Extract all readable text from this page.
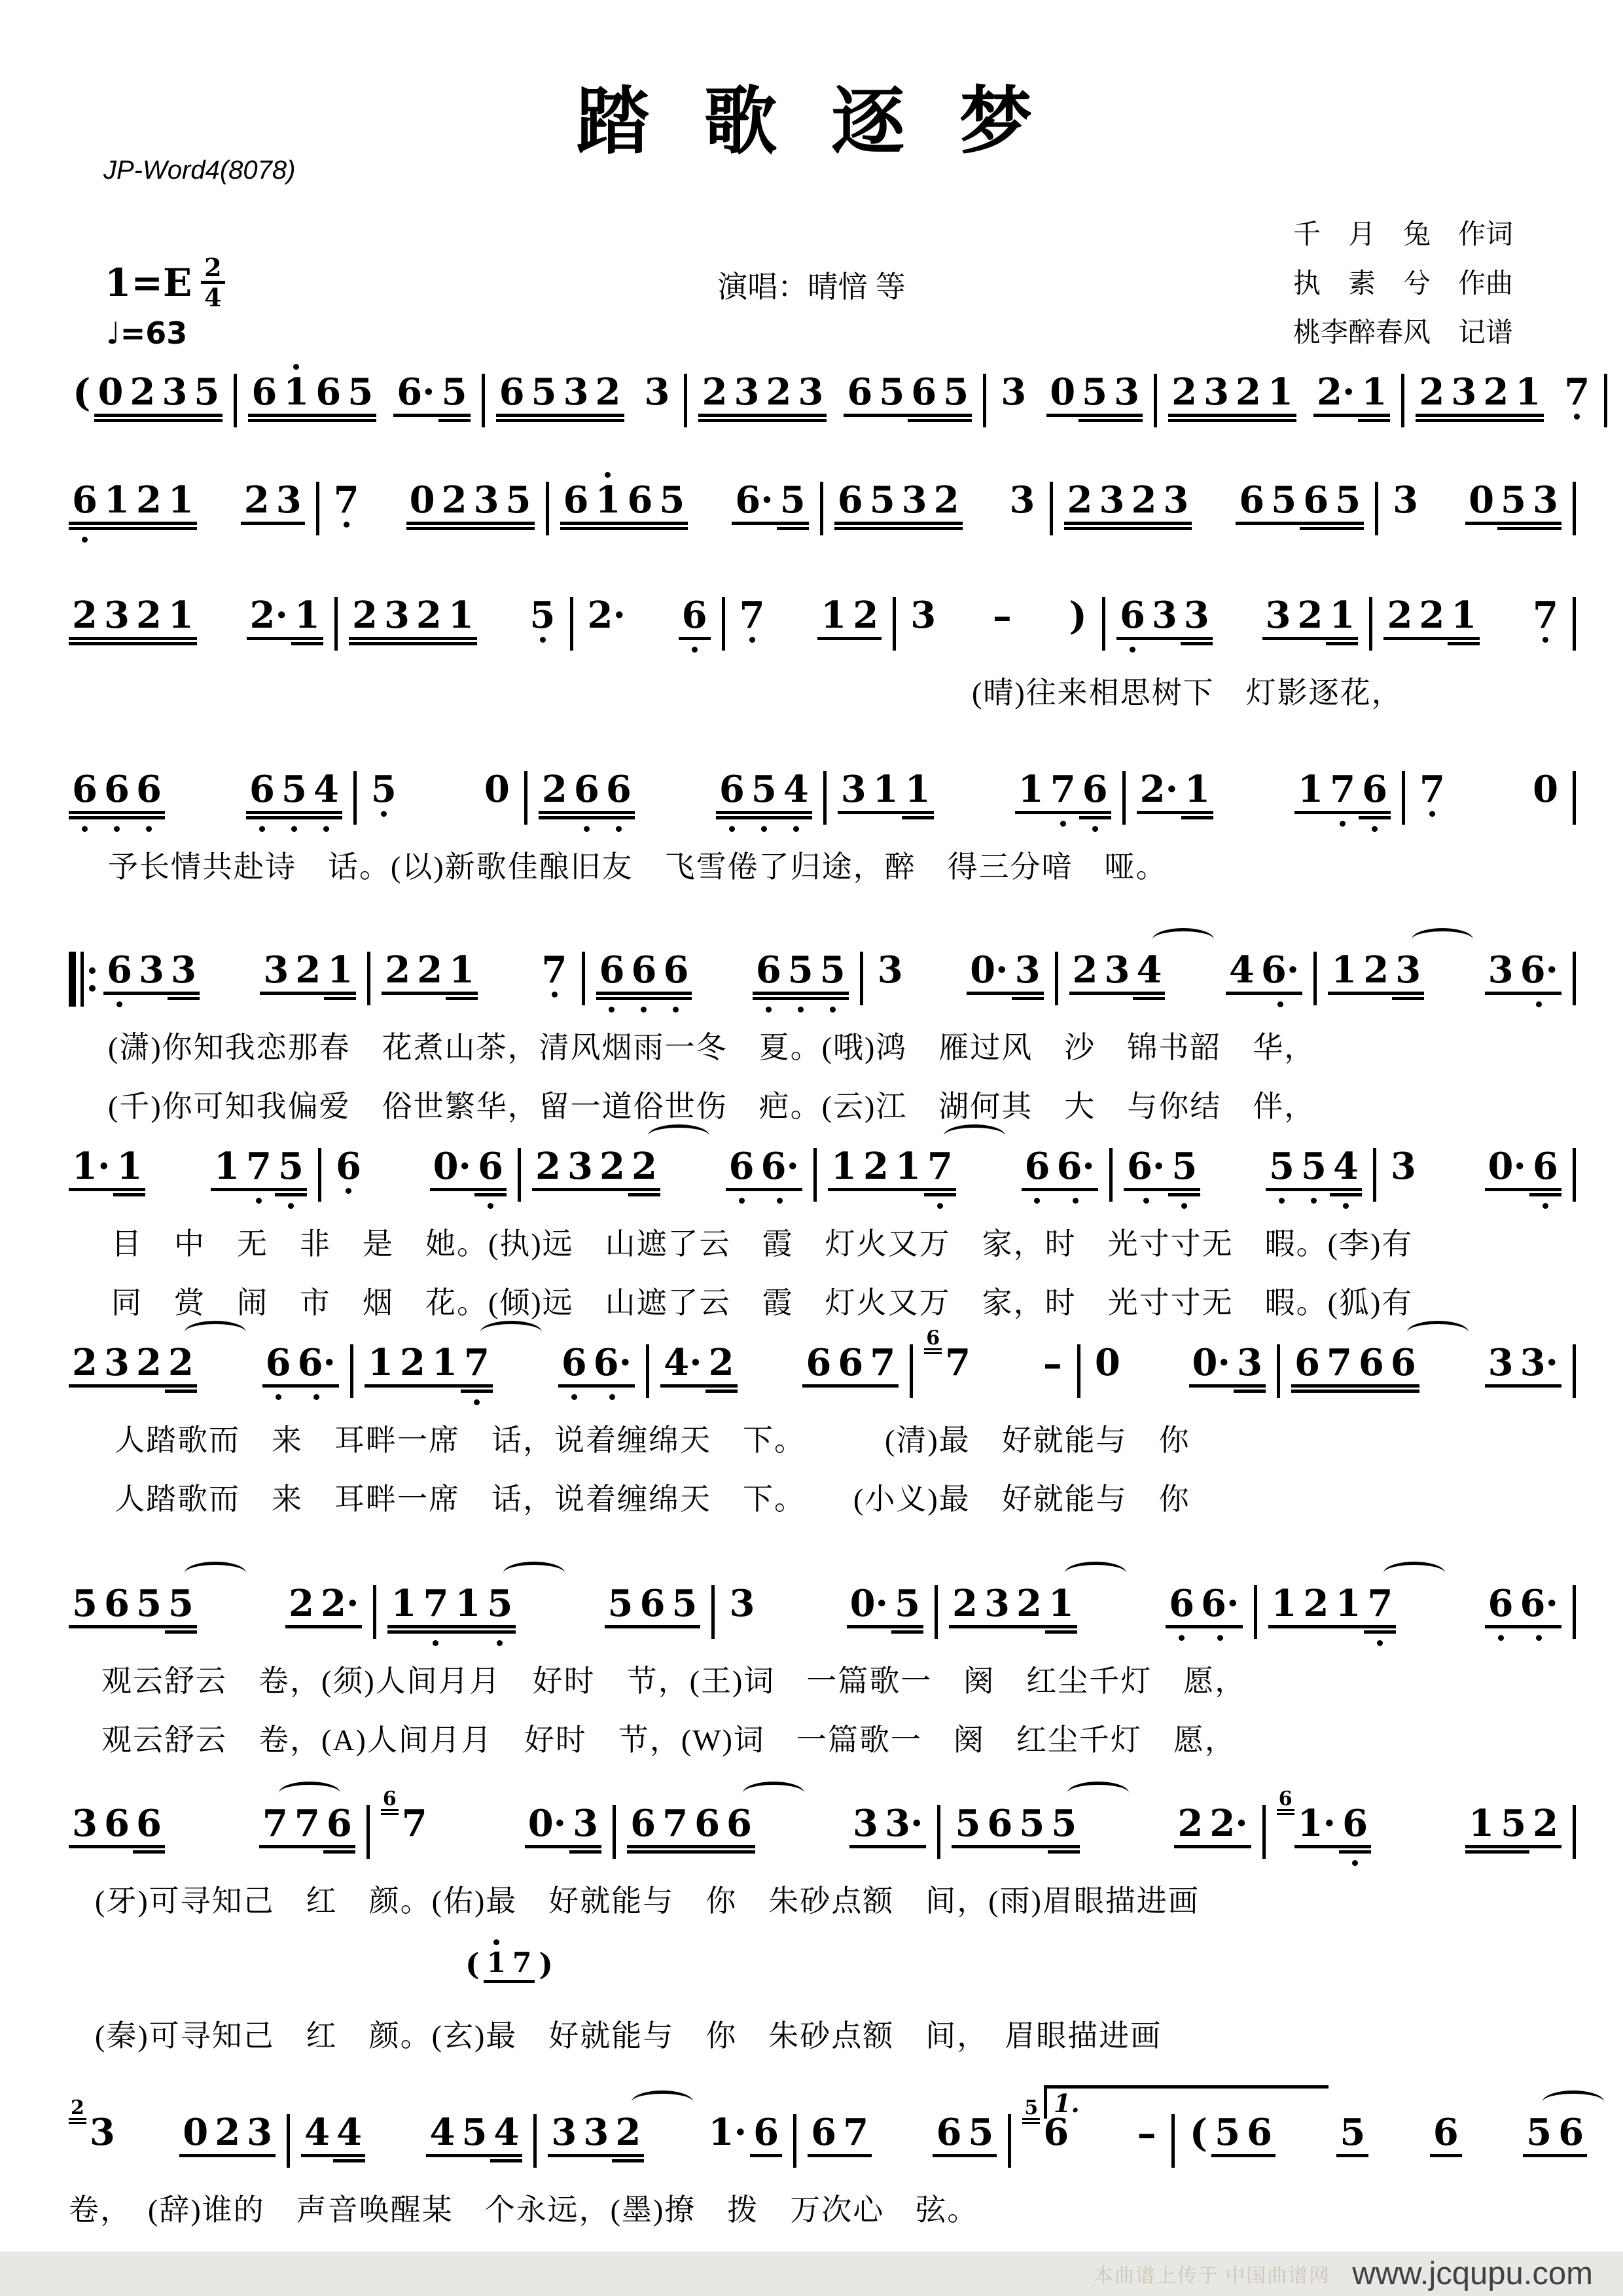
JP-Word4(8078)
踏 歌 逐 梦
$1=E \frac{2}{4}$
♩=63
演唱：晴愔 等
千　月　兔　作词
执　素　兮　作曲
桃李醉春风　记谱
( 0 2 3 5 6 1 6 5 6· 5 6 5 3 2 3 2 3 2 3 6 5 6 5 3 0 5 3 2 3 2 1 2· 1 2 3 2 1 7
6 1 2 1 2 3 7 0 2 3 5 6 1 6 5 6· 5 6 5 3 2 3 2 3 2 3 6 5 6 5 3 0 5 3
2 3 2 1 2· 1 2 3 2 1 5 2· 6 7 1 2 3 – ) 6 3 3 3 2 1 2 2 1 7
(晴)往来相思树下　灯影逐花，
6 6 6 6 5 4 5 0 2 6 6 6 5 4 3 1 1 1 7 6 2· 1 1 7 6 7 0
予长情共赴诗　话。(以)新歌佳酿旧友　飞雪倦了归途，醉　得三分喑　哑。
6 3 3 3 2 1 2 2 1 7 6 6 6 6 5 5 3 0· 3 2 3 4 4 6· 1 2 3 3 6·
(潇)你知我恋那春　花煮山茶，清风烟雨一冬　夏。(哦)鸿　雁过风　沙　锦书韶　华，
(千)你可知我偏爱　俗世繁华，留一道俗世伤　疤。(云)江　湖何其　大　与你结　伴，
1· 1 1 7 5 6 0· 6 2 3 2 2 6 6· 1 2 1 7 6 6· 6· 5 5 5 4 3 0· 6
目　中　无　非　是　她。(执)远　山遮了云　霞　灯火又万　家，时　光寸寸无　暇。(李)有
同　赏　闹　市　烟　花。(倾)远　山遮了云　霞　灯火又万　家，时　光寸寸无　暇。(狐)有
2 3 2 2 6 6· 1 2 1 7 6 6· 4· 2 6 6 7
6
7 – 0 0· 3 6 7 6 6 3 3·
人踏歌而　来　耳畔一席　话，说着缠绵天　下。　　　(清)最　好就能与　你
人踏歌而　来　耳畔一席　话，说着缠绵天　下。　　(小义)最　好就能与　你
5 6 5 5	2 2· 1 7 1 5	5 6 5 3	0· 5 2 3 2 1	6 6· 1 2 1 7	6 6·
观云舒云　卷，(须)人间月月　好时　节，(王)词　一篇歌一　阕　红尘千灯　愿，
观云舒云　卷，(A)人间月月　好时　节，(W)词　一篇歌一　阕　红尘千灯　愿，
3 6 6	7 7 6
6
7	0· 3 6 7 6 6	3 3· 5 6 5 5	2 2·
6
1· 6	1 5 2
(牙)可寻知己　红　颜。(佑)最　好就能与　你　朱砂点额　间，(雨)眉眼描进画
( 1 7 )
(秦)可寻知己　红　颜。(玄)最　好就能与　你　朱砂点额　间，　眉眼描进画
1.
2
3 0 2 3 4 4 4 5 4 3 3 2 1· 6 6 7 6 5
5
6 – ( 5 6 5 6 5 6
卷，　(辞)谁的　声音唤醒某　个永远，(墨)撩　拨　万次心　弦。
本曲谱上传于 中国曲谱网 www.jcqupu.com
